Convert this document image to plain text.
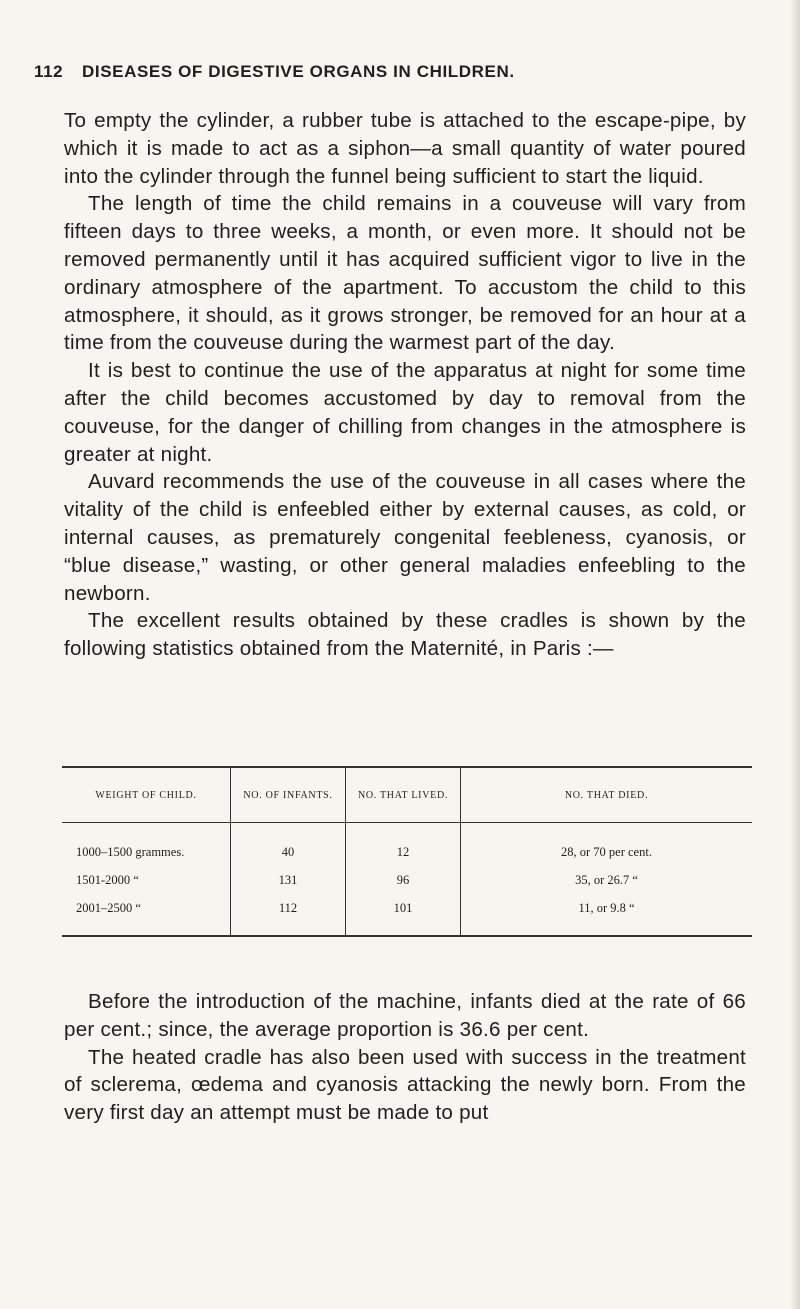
112 DISEASES OF DIGESTIVE ORGANS IN CHILDREN.

To empty the cylinder, a rubber tube is attached to the escape-pipe, by which it is made to act as a siphon—a small quantity of water poured into the cylinder through the funnel being sufficient to start the liquid.

The length of time the child remains in a couveuse will vary from fifteen days to three weeks, a month, or even more. It should not be removed permanently until it has acquired sufficient vigor to live in the ordinary atmosphere of the apartment. To accustom the child to this atmosphere, it should, as it grows stronger, be removed for an hour at a time from the couveuse during the warmest part of the day.

It is best to continue the use of the apparatus at night for some time after the child becomes accustomed by day to removal from the couveuse, for the danger of chilling from changes in the atmosphere is greater at night.

Auvard recommends the use of the couveuse in all cases where the vitality of the child is enfeebled either by external causes, as cold, or internal causes, as prematurely congenital feebleness, cyanosis, or “blue disease,” wasting, or other general maladies enfeebling to the newborn.

The excellent results obtained by these cradles is shown by the following statistics obtained from the Maternité, in Paris :—

WEIGHT OF CHILD.	NO. OF INFANTS.	NO. THAT LIVED.	NO. THAT DIED.
1000–1500 grammes.	40	12	28, or 70 per cent.
1501-2000 “	131	96	35, or 26.7 “
2001–2500 “	112	101	11, or 9.8 “

Before the introduction of the machine, infants died at the rate of 66 per cent.; since, the average proportion is 36.6 per cent.

The heated cradle has also been used with success in the treatment of sclerema, œdema and cyanosis attacking the newly born. From the very first day an attempt must be made to put
